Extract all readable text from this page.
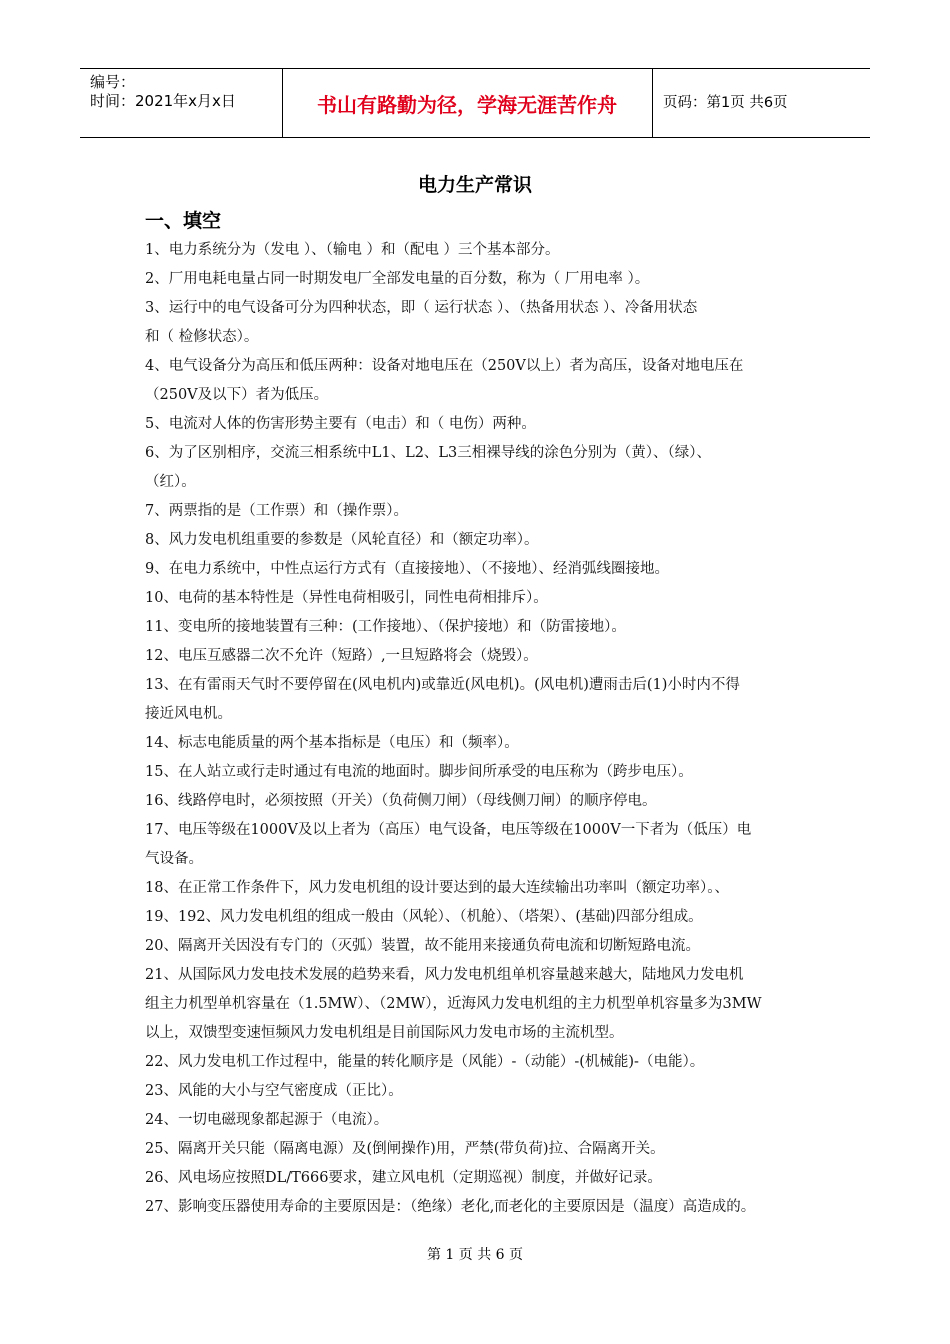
编号：
时间：2021年x月x日	书山有路勤为径，学海无涯苦作舟	页码：第1页 共6页
电力生产常识
一、填空
1、电力系统分为（发电 ）、（输电 ）和（配电 ）三个基本部分。
2、厂用电耗电量占同一时期发电厂全部发电量的百分数，称为（ 厂用电率 ）。
3、运行中的电气设备可分为四种状态，即（ 运行状态 ）、（热备用状态 ）、冷备用状态
和（ 检修状态）。
4、电气设备分为高压和低压两种：设备对地电压在（250V以上）者为高压，设备对地电压在
（250V及以下）者为低压。
5、电流对人体的伤害形势主要有（电击）和（ 电伤）两种。
6、为了区别相序，交流三相系统中L1、L2、L3三相裸导线的涂色分别为（黄）、（绿）、
（红）。
7、两票指的是（工作票）和（操作票）。
8、风力发电机组重要的参数是（风轮直径）和（额定功率）。
9、在电力系统中，中性点运行方式有（直接接地）、（不接地）、经消弧线圈接地。
10、电荷的基本特性是（异性电荷相吸引，同性电荷相排斥）。
11、变电所的接地装置有三种：(工作接地）、（保护接地）和（防雷接地）。
12、电压互感器二次不允许（短路）,一旦短路将会（烧毁）。
13、在有雷雨天气时不要停留在(风电机内)或靠近(风电机)。(风电机)遭雨击后(1)小时内不得
接近风电机。
14、标志电能质量的两个基本指标是（电压）和（频率）。
15、在人站立或行走时通过有电流的地面时。脚步间所承受的电压称为（跨步电压）。
16、线路停电时，必须按照（开关）（负荷侧刀闸）（母线侧刀闸）的顺序停电。
17、电压等级在1000V及以上者为（高压）电气设备，电压等级在1000V一下者为（低压）电
气设备。
18、在正常工作条件下，风力发电机组的设计要达到的最大连续输出功率叫（额定功率）。、
19、192、风力发电机组的组成一般由（风轮）、（机舱）、（塔架）、(基础)四部分组成。
20、隔离开关因没有专门的（灭弧）装置，故不能用来接通负荷电流和切断短路电流。
21、从国际风力发电技术发展的趋势来看，风力发电机组单机容量越来越大，陆地风力发电机
组主力机型单机容量在（1.5MW）、（2MW），近海风力发电机组的主力机型单机容量多为3MW
以上，双馈型变速恒频风力发电机组是目前国际风力发电市场的主流机型。
22、风力发电机工作过程中，能量的转化顺序是（风能）-（动能）-(机械能)-（电能）。
23、风能的大小与空气密度成（正比）。
24、一切电磁现象都起源于（电流）。
25、隔离开关只能（隔离电源）及(倒闸操作)用，严禁(带负荷)拉、合隔离开关。
26、风电场应按照DL/T666要求，建立风电机（定期巡视）制度，并做好记录。
27、影响变压器使用寿命的主要原因是：（绝缘）老化,而老化的主要原因是（温度）高造成的。
第 1 页 共 6 页
